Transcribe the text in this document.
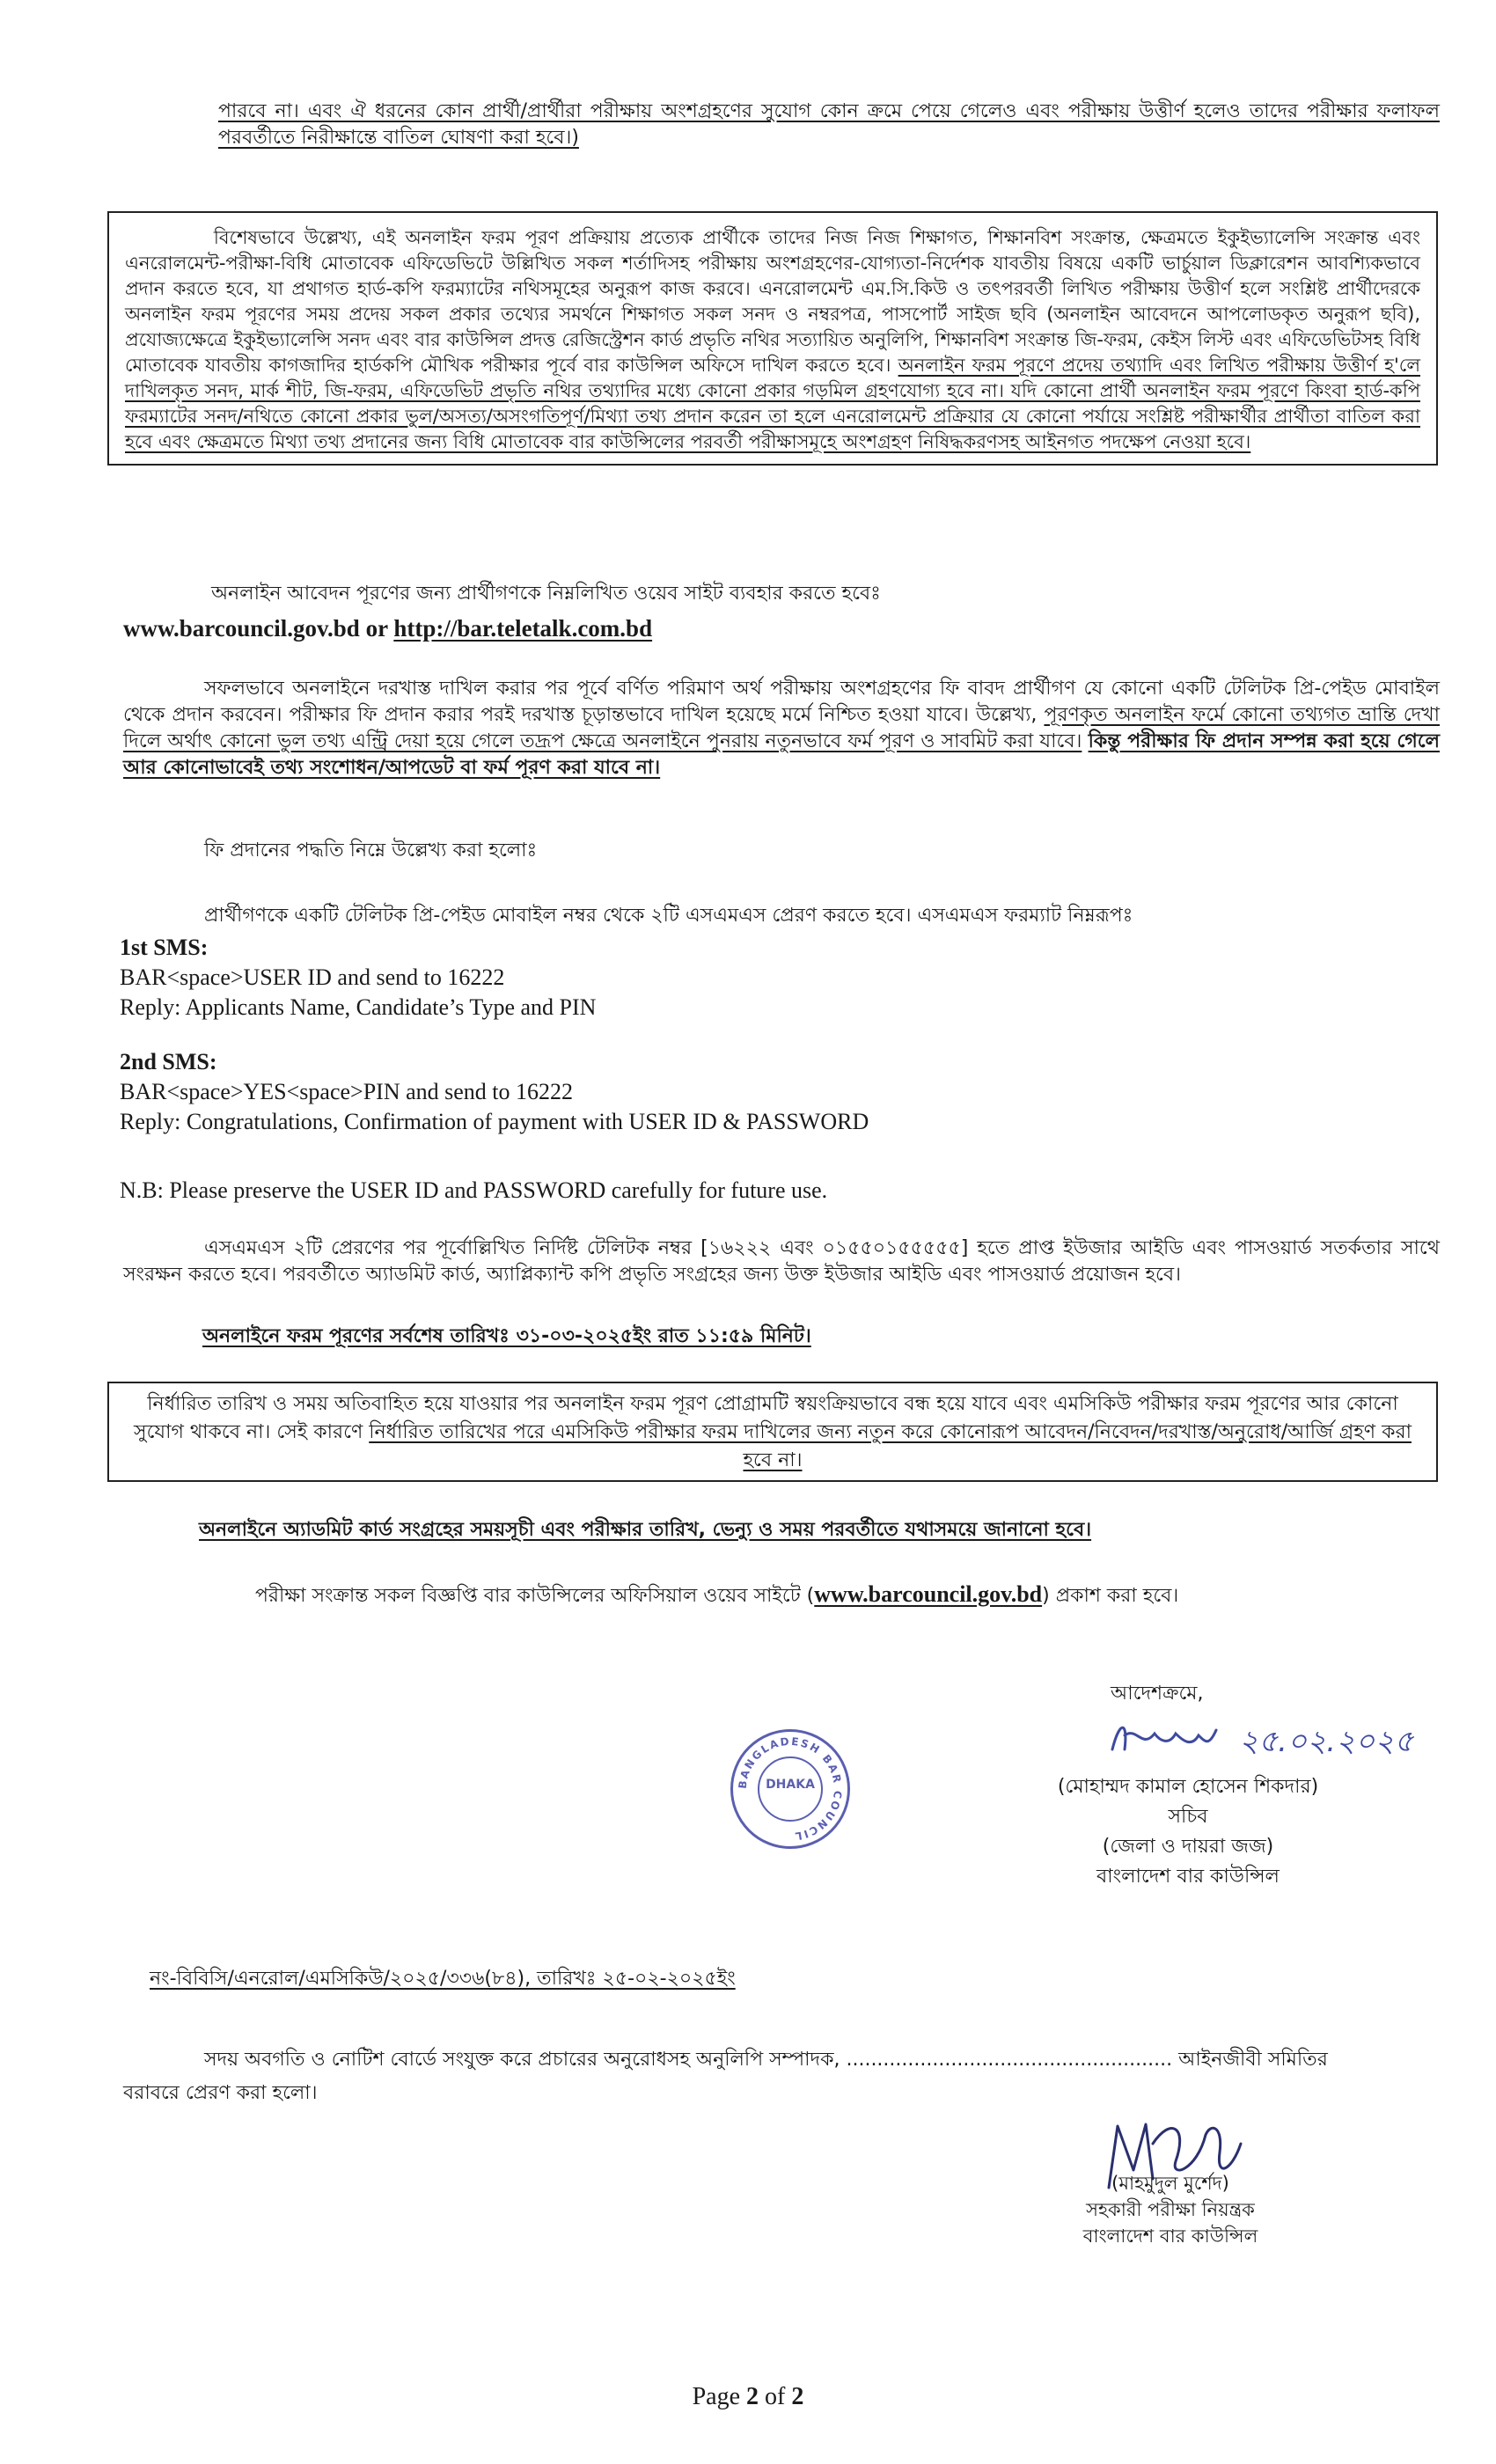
পারবে না। এবং ঐ ধরনের কোন প্রার্থী/প্রার্থীরা পরীক্ষায় অংশগ্রহণের সুযোগ কোন ক্রমে পেয়ে গেলেও এবং পরীক্ষায় উত্তীর্ণ হলেও তাদের পরীক্ষার ফলাফল পরবর্তীতে নিরীক্ষান্তে বাতিল ঘোষণা করা হবে।)
বিশেষভাবে উল্লেখ্য, এই অনলাইন ফরম পূরণ প্রক্রিয়ায় প্রত্যেক প্রার্থীকে তাদের নিজ নিজ শিক্ষাগত, শিক্ষানবিশ সংক্রান্ত, ক্ষেত্রমতে ইকুইভ্যালেন্সি সংক্রান্ত এবং এনরোলমেন্ট-পরীক্ষা-বিধি মোতাবেক এফিডেভিটে উল্লিখিত সকল শর্তাদিসহ পরীক্ষায় অংশগ্রহণের-যোগ্যতা-নির্দেশক যাবতীয় বিষয়ে একটি ভার্চুয়াল ডিক্লারেশন আবশ্যিকভাবে প্রদান করতে হবে, যা প্রথাগত হার্ড-কপি ফরম্যাটের নথিসমূহের অনুরূপ কাজ করবে। এনরোলমেন্ট এম.সি.কিউ ও তৎপরবর্তী লিখিত পরীক্ষায় উত্তীর্ণ হলে সংশ্লিষ্ট প্রার্থীদেরকে অনলাইন ফরম পূরণের সময় প্রদেয় সকল প্রকার তথ্যের সমর্থনে শিক্ষাগত সকল সনদ ও নম্বরপত্র, পাসপোর্ট সাইজ ছবি (অনলাইন আবেদনে আপলোডকৃত অনুরূপ ছবি), প্রযোজ্যক্ষেত্রে ইকুইভ্যালেন্সি সনদ এবং বার কাউন্সিল প্রদত্ত রেজিস্ট্রেশন কার্ড প্রভৃতি নথির সত্যায়িত অনুলিপি, শিক্ষানবিশ সংক্রান্ত জি-ফরম, কেইস লিস্ট এবং এফিডেভিটসহ বিধি মোতাবেক যাবতীয় কাগজাদির হার্ডকপি মৌখিক পরীক্ষার পূর্বে বার কাউন্সিল অফিসে দাখিল করতে হবে। অনলাইন ফরম পূরণে প্রদেয় তথ্যাদি এবং লিখিত পরীক্ষায় উত্তীর্ণ হ'লে দাখিলকৃত সনদ, মার্ক শীট, জি-ফরম, এফিডেভিট প্রভৃতি নথির তথ্যাদির মধ্যে কোনো প্রকার গড়মিল গ্রহণযোগ্য হবে না। যদি কোনো প্রার্থী অনলাইন ফরম পূরণে কিংবা হার্ড-কপি ফরম্যাটের সনদ/নথিতে কোনো প্রকার ভুল/অসত্য/অসংগতিপূর্ণ/মিথ্যা তথ্য প্রদান করেন তা হলে এনরোলমেন্ট প্রক্রিয়ার যে কোনো পর্যায়ে সংশ্লিষ্ট পরীক্ষার্থীর প্রার্থীতা বাতিল করা হবে এবং ক্ষেত্রমতে মিথ্যা তথ্য প্রদানের জন্য বিধি মোতাবেক বার কাউন্সিলের পরবর্তী পরীক্ষাসমূহে অংশগ্রহণ নিষিদ্ধকরণসহ আইনগত পদক্ষেপ নেওয়া হবে।
অনলাইন আবেদন পূরণের জন্য প্রার্থীগণকে নিম্নলিখিত ওয়েব সাইট ব্যবহার করতে হবেঃ
www.barcouncil.gov.bd or http://bar.teletalk.com.bd
সফলভাবে অনলাইনে দরখাস্ত দাখিল করার পর পূর্বে বর্ণিত পরিমাণ অর্থ পরীক্ষায় অংশগ্রহণের ফি বাবদ প্রার্থীগণ যে কোনো একটি টেলিটক প্রি-পেইড মোবাইল থেকে প্রদান করবেন। পরীক্ষার ফি প্রদান করার পরই দরখাস্ত চূড়ান্তভাবে দাখিল হয়েছে মর্মে নিশ্চিত হওয়া যাবে। উল্লেখ্য, পূরণকৃত অনলাইন ফর্মে কোনো তথ্যগত ভ্রান্তি দেখা দিলে অর্থাৎ কোনো ভুল তথ্য এন্ট্রি দেয়া হয়ে গেলে তদ্রূপ ক্ষেত্রে অনলাইনে পুনরায় নতুনভাবে ফর্ম পূরণ ও সাবমিট করা যাবে। কিন্তু পরীক্ষার ফি প্রদান সম্পন্ন করা হয়ে গেলে আর কোনোভাবেই তথ্য সংশোধন/আপডেট বা ফর্ম পূরণ করা যাবে না।
ফি প্রদানের পদ্ধতি নিম্নে উল্লেখ্য করা হলোঃ
প্রার্থীগণকে একটি টেলিটক প্রি-পেইড মোবাইল নম্বর থেকে ২টি এসএমএস প্রেরণ করতে হবে। এসএমএস ফরম্যাট নিম্নরূপঃ
1st SMS:
BAR<space>USER ID and send to 16222
Reply: Applicants Name, Candidate’s Type and PIN
2nd SMS:
BAR<space>YES<space>PIN and send to 16222
Reply: Congratulations, Confirmation of payment with USER ID & PASSWORD
N.B: Please preserve the USER ID and PASSWORD carefully for future use.
এসএমএস ২টি প্রেরণের পর পূর্বোল্লিখিত নির্দিষ্ট টেলিটক নম্বর [১৬২২২ এবং ০১৫৫০১৫৫৫৫৫] হতে প্রাপ্ত ইউজার আইডি এবং পাসওয়ার্ড সতর্কতার সাথে সংরক্ষন করতে হবে। পরবর্তীতে অ্যাডমিট কার্ড, অ্যাপ্লিক্যান্ট কপি প্রভৃতি সংগ্রহের জন্য উক্ত ইউজার আইডি এবং পাসওয়ার্ড প্রয়োজন হবে।
অনলাইনে ফরম পূরণের সর্বশেষ তারিখঃ ৩১-০৩-২০২৫ইং রাত ১১:৫৯ মিনিট।
নির্ধারিত তারিখ ও সময় অতিবাহিত হয়ে যাওয়ার পর অনলাইন ফরম পূরণ প্রোগ্রামটি স্বয়ংক্রিয়ভাবে বন্ধ হয়ে যাবে এবং এমসিকিউ পরীক্ষার ফরম পূরণের আর কোনো সুযোগ থাকবে না। সেই কারণে নির্ধারিত তারিখের পরে এমসিকিউ পরীক্ষার ফরম দাখিলের জন্য নতুন করে কোনোরূপ আবেদন/নিবেদন/দরখাস্ত/অনুরোধ/আর্জি গ্রহণ করা হবে না।
অনলাইনে অ্যাডমিট কার্ড সংগ্রহের সময়সূচী এবং পরীক্ষার তারিখ, ভেন্যু ও সময় পরবর্তীতে যথাসময়ে জানানো হবে।
পরীক্ষা সংক্রান্ত সকল বিজ্ঞপ্তি বার কাউন্সিলের অফিসিয়াল ওয়েব সাইটে (www.barcouncil.gov.bd) প্রকাশ করা হবে।
আদেশক্রমে,
২৫.০২.২০২৫
(মোহাম্মদ কামাল হোসেন শিকদার)
সচিব
(জেলা ও দায়রা জজ)
বাংলাদেশ বার কাউন্সিল
BANGLADESH BAR COUNCIL
DHAKA
নং-বিবিসি/এনরোল/এমসিকিউ/২০২৫/৩৩৬(৮৪), তারিখঃ ২৫-০২-২০২৫ইং
সদয় অবগতি ও নোটিশ বোর্ডে সংযুক্ত করে প্রচারের অনুরোধসহ অনুলিপি সম্পাদক, ..................................................... আইনজীবী সমিতির
বরাবরে প্রেরণ করা হলো।
(মাহমুদুল মুর্শেদ)
সহকারী পরীক্ষা নিয়ন্ত্রক
বাংলাদেশ বার কাউন্সিল
Page 2 of 2
